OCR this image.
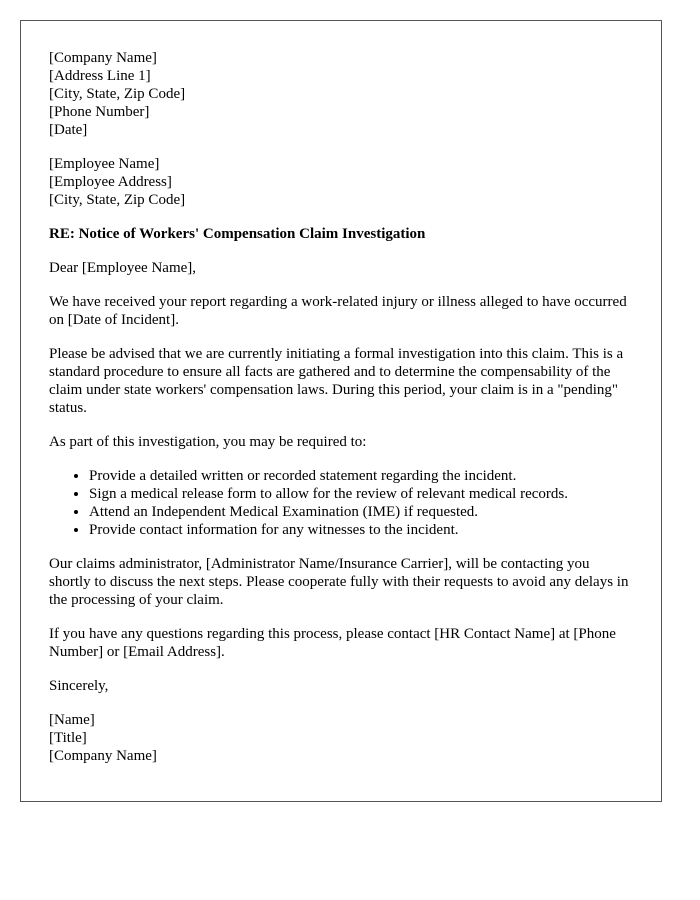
[Company Name]
[Address Line 1]
[City, State, Zip Code]
[Phone Number]
[Date]
[Employee Name]
[Employee Address]
[City, State, Zip Code]
RE: Notice of Workers' Compensation Claim Investigation

Dear [Employee Name],

We have received your report regarding a work-related injury or illness alleged to have occurred on [Date of Incident].

Please be advised that we are currently initiating a formal investigation into this claim. This is a standard procedure to ensure all facts are gathered and to determine the compensability of the claim under state workers' compensation laws. During this period, your claim is in a "pending" status.

As part of this investigation, you may be required to:

• Provide a detailed written or recorded statement regarding the incident.
• Sign a medical release form to allow for the review of relevant medical records.
• Attend an Independent Medical Examination (IME) if requested.
• Provide contact information for any witnesses to the incident.

Our claims administrator, [Administrator Name/Insurance Carrier], will be contacting you shortly to discuss the next steps. Please cooperate fully with their requests to avoid any delays in the processing of your claim.

If you have any questions regarding this process, please contact [HR Contact Name] at [Phone Number] or [Email Address].

Sincerely,

[Name]
[Title]
[Company Name]
